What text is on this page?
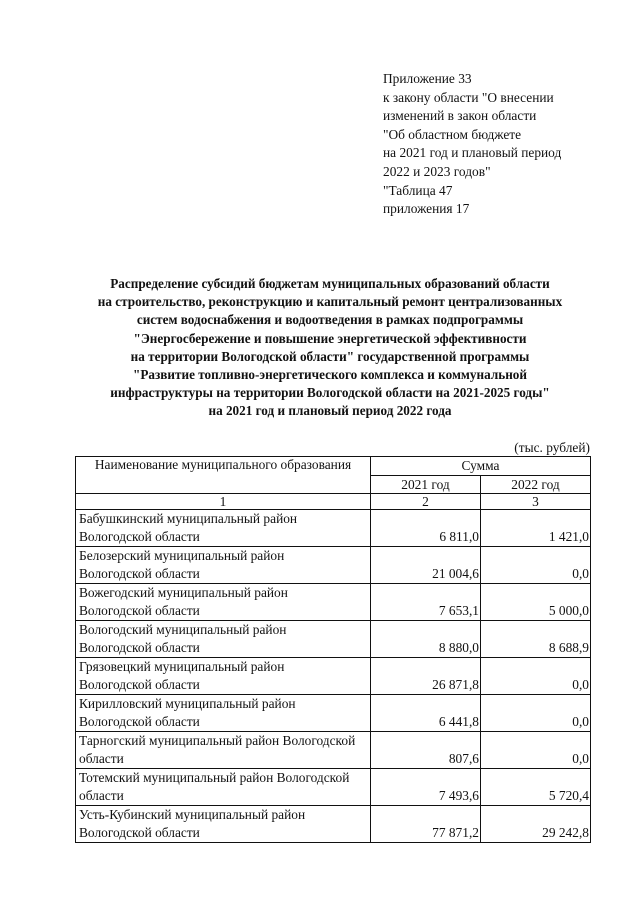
Приложение 33
к закону области "О внесении
изменений в закон области
"Об областном бюджете
на 2021 год и плановый период
2022 и 2023 годов"
"Таблица 47
приложения 17
Распределение субсидий бюджетам муниципальных образований области
на строительство, реконструкцию и капитальный ремонт централизованных
систем водоснабжения и водоотведения в рамках подпрограммы
"Энергосбережение и повышение энергетической эффективности
на территории Вологодской области" государственной программы
"Развитие топливно-энергетического комплекса и коммунальной
инфраструктуры на территории Вологодской области на 2021-2025 годы"
на 2021 год и плановый период 2022 года
(тыс. рублей)
Наименование муниципального образования	Сумма	
	2021 год	2022 год
1	2	3

Бабушкинский муниципальный район
Вологодской области	6 811,0	1 421,0

Белозерский муниципальный район
Вологодской области	21 004,6	0,0

Вожегодский муниципальный район
Вологодской области	7 653,1	5 000,0

Вологодский муниципальный район
Вологодской области	8 880,0	8 688,9

Грязовецкий муниципальный район
Вологодской области	26 871,8	0,0

Кирилловский муниципальный район
Вологодской области	6 441,8	0,0

Тарногский муниципальный район Вологодской
области	807,6	0,0

Тотемский муниципальный район Вологодской
области	7 493,6	5 720,4

Усть-Кубинский муниципальный район
Вологодской области	77 871,2	29 242,8
